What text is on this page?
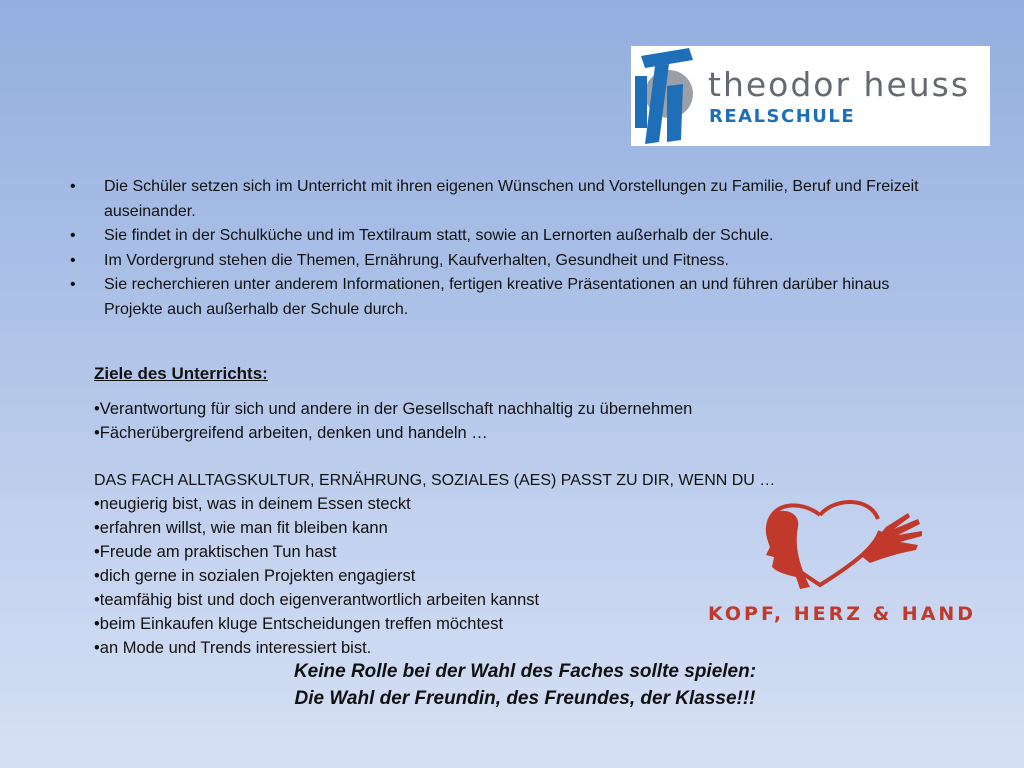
theodor heuss
REALSCHULE
• Die Schüler setzen sich im Unterricht mit ihren eigenen Wünschen und Vorstellungen zu Familie, Beruf und Freizeit auseinander.
• Sie findet in der Schulküche und im Textilraum statt, sowie an Lernorten außerhalb der Schule.
• Im Vordergrund stehen die Themen, Ernährung, Kaufverhalten, Gesundheit und Fitness.
• Sie recherchieren unter anderem Informationen, fertigen kreative Präsentationen an und führen darüber hinaus Projekte auch außerhalb der Schule durch.
Ziele des Unterrichts:
•Verantwortung für sich und andere in der Gesellschaft nachhaltig zu übernehmen
•Fächerübergreifend arbeiten, denken und handeln …
DAS FACH ALLTAGSKULTUR, ERNÄHRUNG, SOZIALES (AES) PASST ZU DIR, WENN DU …
•neugierig bist, was in deinem Essen steckt
•erfahren willst, wie man fit bleiben kann
•Freude am praktischen Tun hast
•dich gerne in sozialen Projekten engagierst
•teamfähig bist und doch eigenverantwortlich arbeiten kannst
•beim Einkaufen kluge Entscheidungen treffen möchtest
•an Mode und Trends interessiert bist.
KOPF, HERZ & HAND
Keine Rolle bei der Wahl des Faches sollte spielen:
Die Wahl der Freundin, des Freundes, der Klasse!!!
